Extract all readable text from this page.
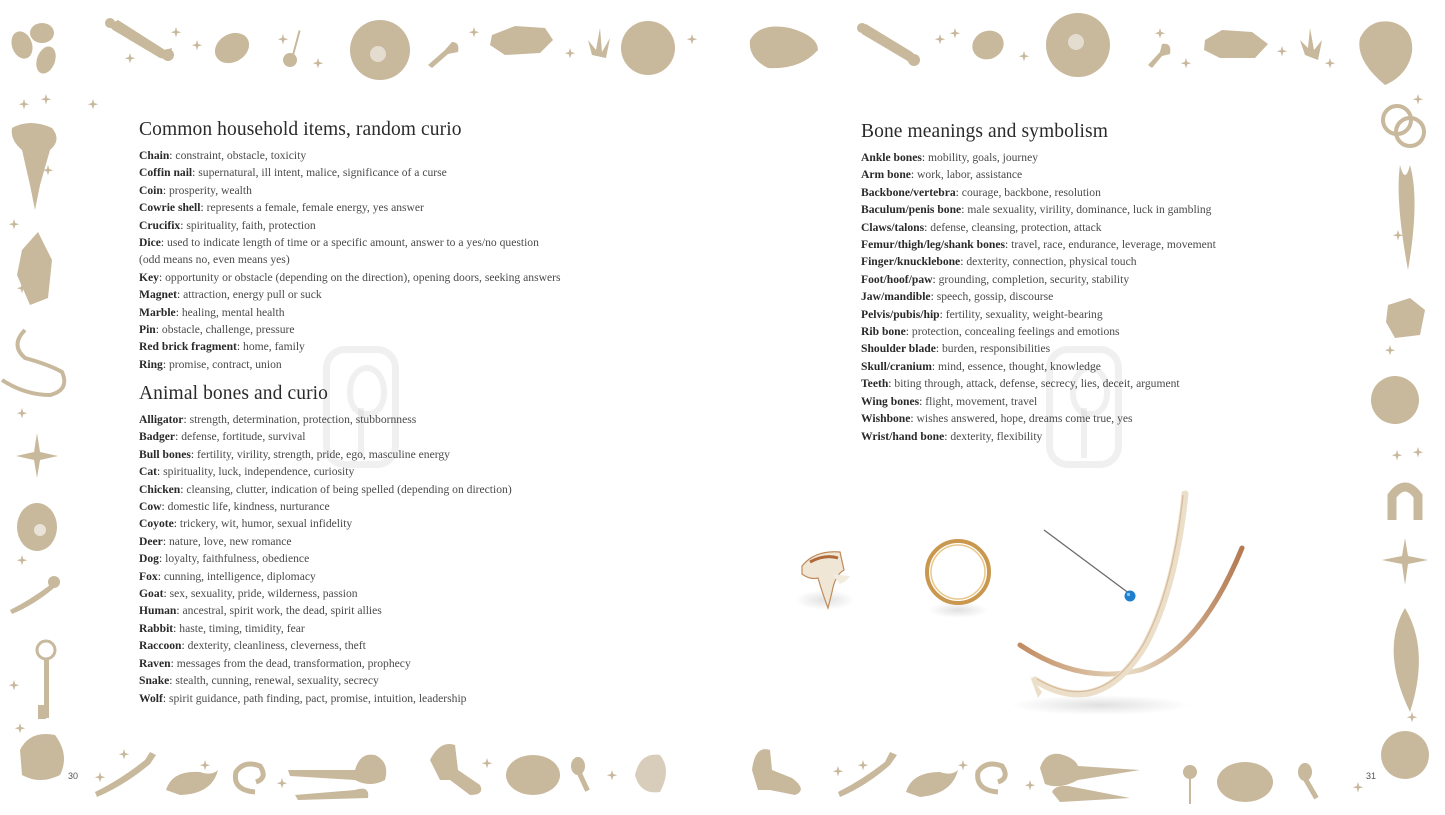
Common household items, random curio
Chain: constraint, obstacle, toxicity
Coffin nail: supernatural, ill intent, malice, significance of a curse
Coin: prosperity, wealth
Cowrie shell: represents a female, female energy, yes answer
Crucifix: spirituality, faith, protection
Dice: used to indicate length of time or a specific amount, answer to a yes/no question
(odd means no, even means yes)
Key: opportunity or obstacle (depending on the direction), opening doors, seeking answers
Magnet: attraction, energy pull or suck
Marble: healing, mental health
Pin: obstacle, challenge, pressure
Red brick fragment: home, family
Ring: promise, contract, union
Animal bones and curio
Alligator: strength, determination, protection, stubbornness
Badger: defense, fortitude, survival
Bull bones: fertility, virility, strength, pride, ego, masculine energy
Cat: spirituality, luck, independence, curiosity
Chicken: cleansing, clutter, indication of being spelled (depending on direction)
Cow: domestic life, kindness, nurturance
Coyote: trickery, wit, humor, sexual infidelity
Deer: nature, love, new romance
Dog: loyalty, faithfulness, obedience
Fox: cunning, intelligence, diplomacy
Goat: sex, sexuality, pride, wilderness, passion
Human: ancestral, spirit work, the dead, spirit allies
Rabbit: haste, timing, timidity, fear
Raccoon: dexterity, cleanliness, cleverness, theft
Raven: messages from the dead, transformation, prophecy
Snake: stealth, cunning, renewal, sexuality, secrecy
Wolf: spirit guidance, path finding, pact, promise, intuition, leadership
30
Bone meanings and symbolism
Ankle bones: mobility, goals, journey
Arm bone: work, labor, assistance
Backbone/vertebra: courage, backbone, resolution
Baculum/penis bone: male sexuality, virility, dominance, luck in gambling
Claws/talons: defense, cleansing, protection, attack
Femur/thigh/leg/shank bones: travel, race, endurance, leverage, movement
Finger/knucklebone: dexterity, connection, physical touch
Foot/hoof/paw: grounding, completion, security, stability
Jaw/mandible: speech, gossip, discourse
Pelvis/pubis/hip: fertility, sexuality, weight-bearing
Rib bone: protection, concealing feelings and emotions
Shoulder blade: burden, responsibilities
Skull/cranium: mind, essence, thought, knowledge
Teeth: biting through, attack, defense, secrecy, lies, deceit, argument
Wing bones: flight, movement, travel
Wishbone: wishes answered, hope, dreams come true, yes
Wrist/hand bone: dexterity, flexibility
31
